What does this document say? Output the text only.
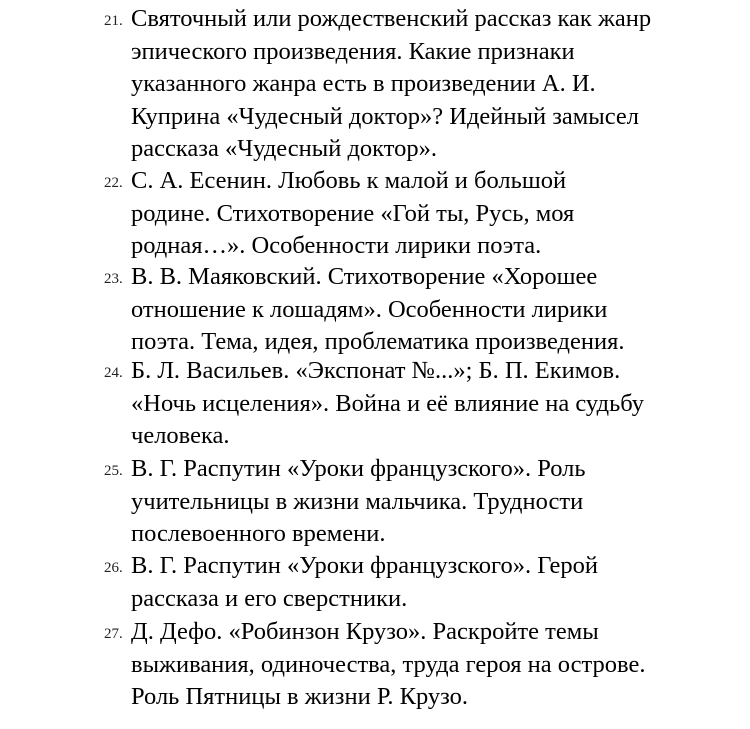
21. Святочный или рождественский рассказ как жанр
эпического произведения. Какие признаки
указанного жанра есть в произведении А. И.
Куприна «Чудесный доктор»? Идейный замысел
рассказа «Чудесный доктор».
22. С. А. Есенин. Любовь к малой и большой
родине. Стихотворение «Гой ты, Русь, моя
родная…». Особенности лирики поэта.
23. В. В. Маяковский. Стихотворение «Хорошее
отношение к лошадям». Особенности лирики
поэта. Тема, идея, проблематика произведения.
24. Б. Л. Васильев. «Экспонат №...»; Б. П. Екимов.
«Ночь исцеления». Война и её влияние на судьбу
человека.
25. В. Г. Распутин «Уроки французского». Роль
учительницы в жизни мальчика. Трудности
послевоенного времени.
26. В. Г. Распутин «Уроки французского». Герой
рассказа и его сверстники.
27. Д. Дефо. «Робинзон Крузо». Раскройте темы
выживания, одиночества, труда героя на острове.
Роль Пятницы в жизни Р. Крузо.
